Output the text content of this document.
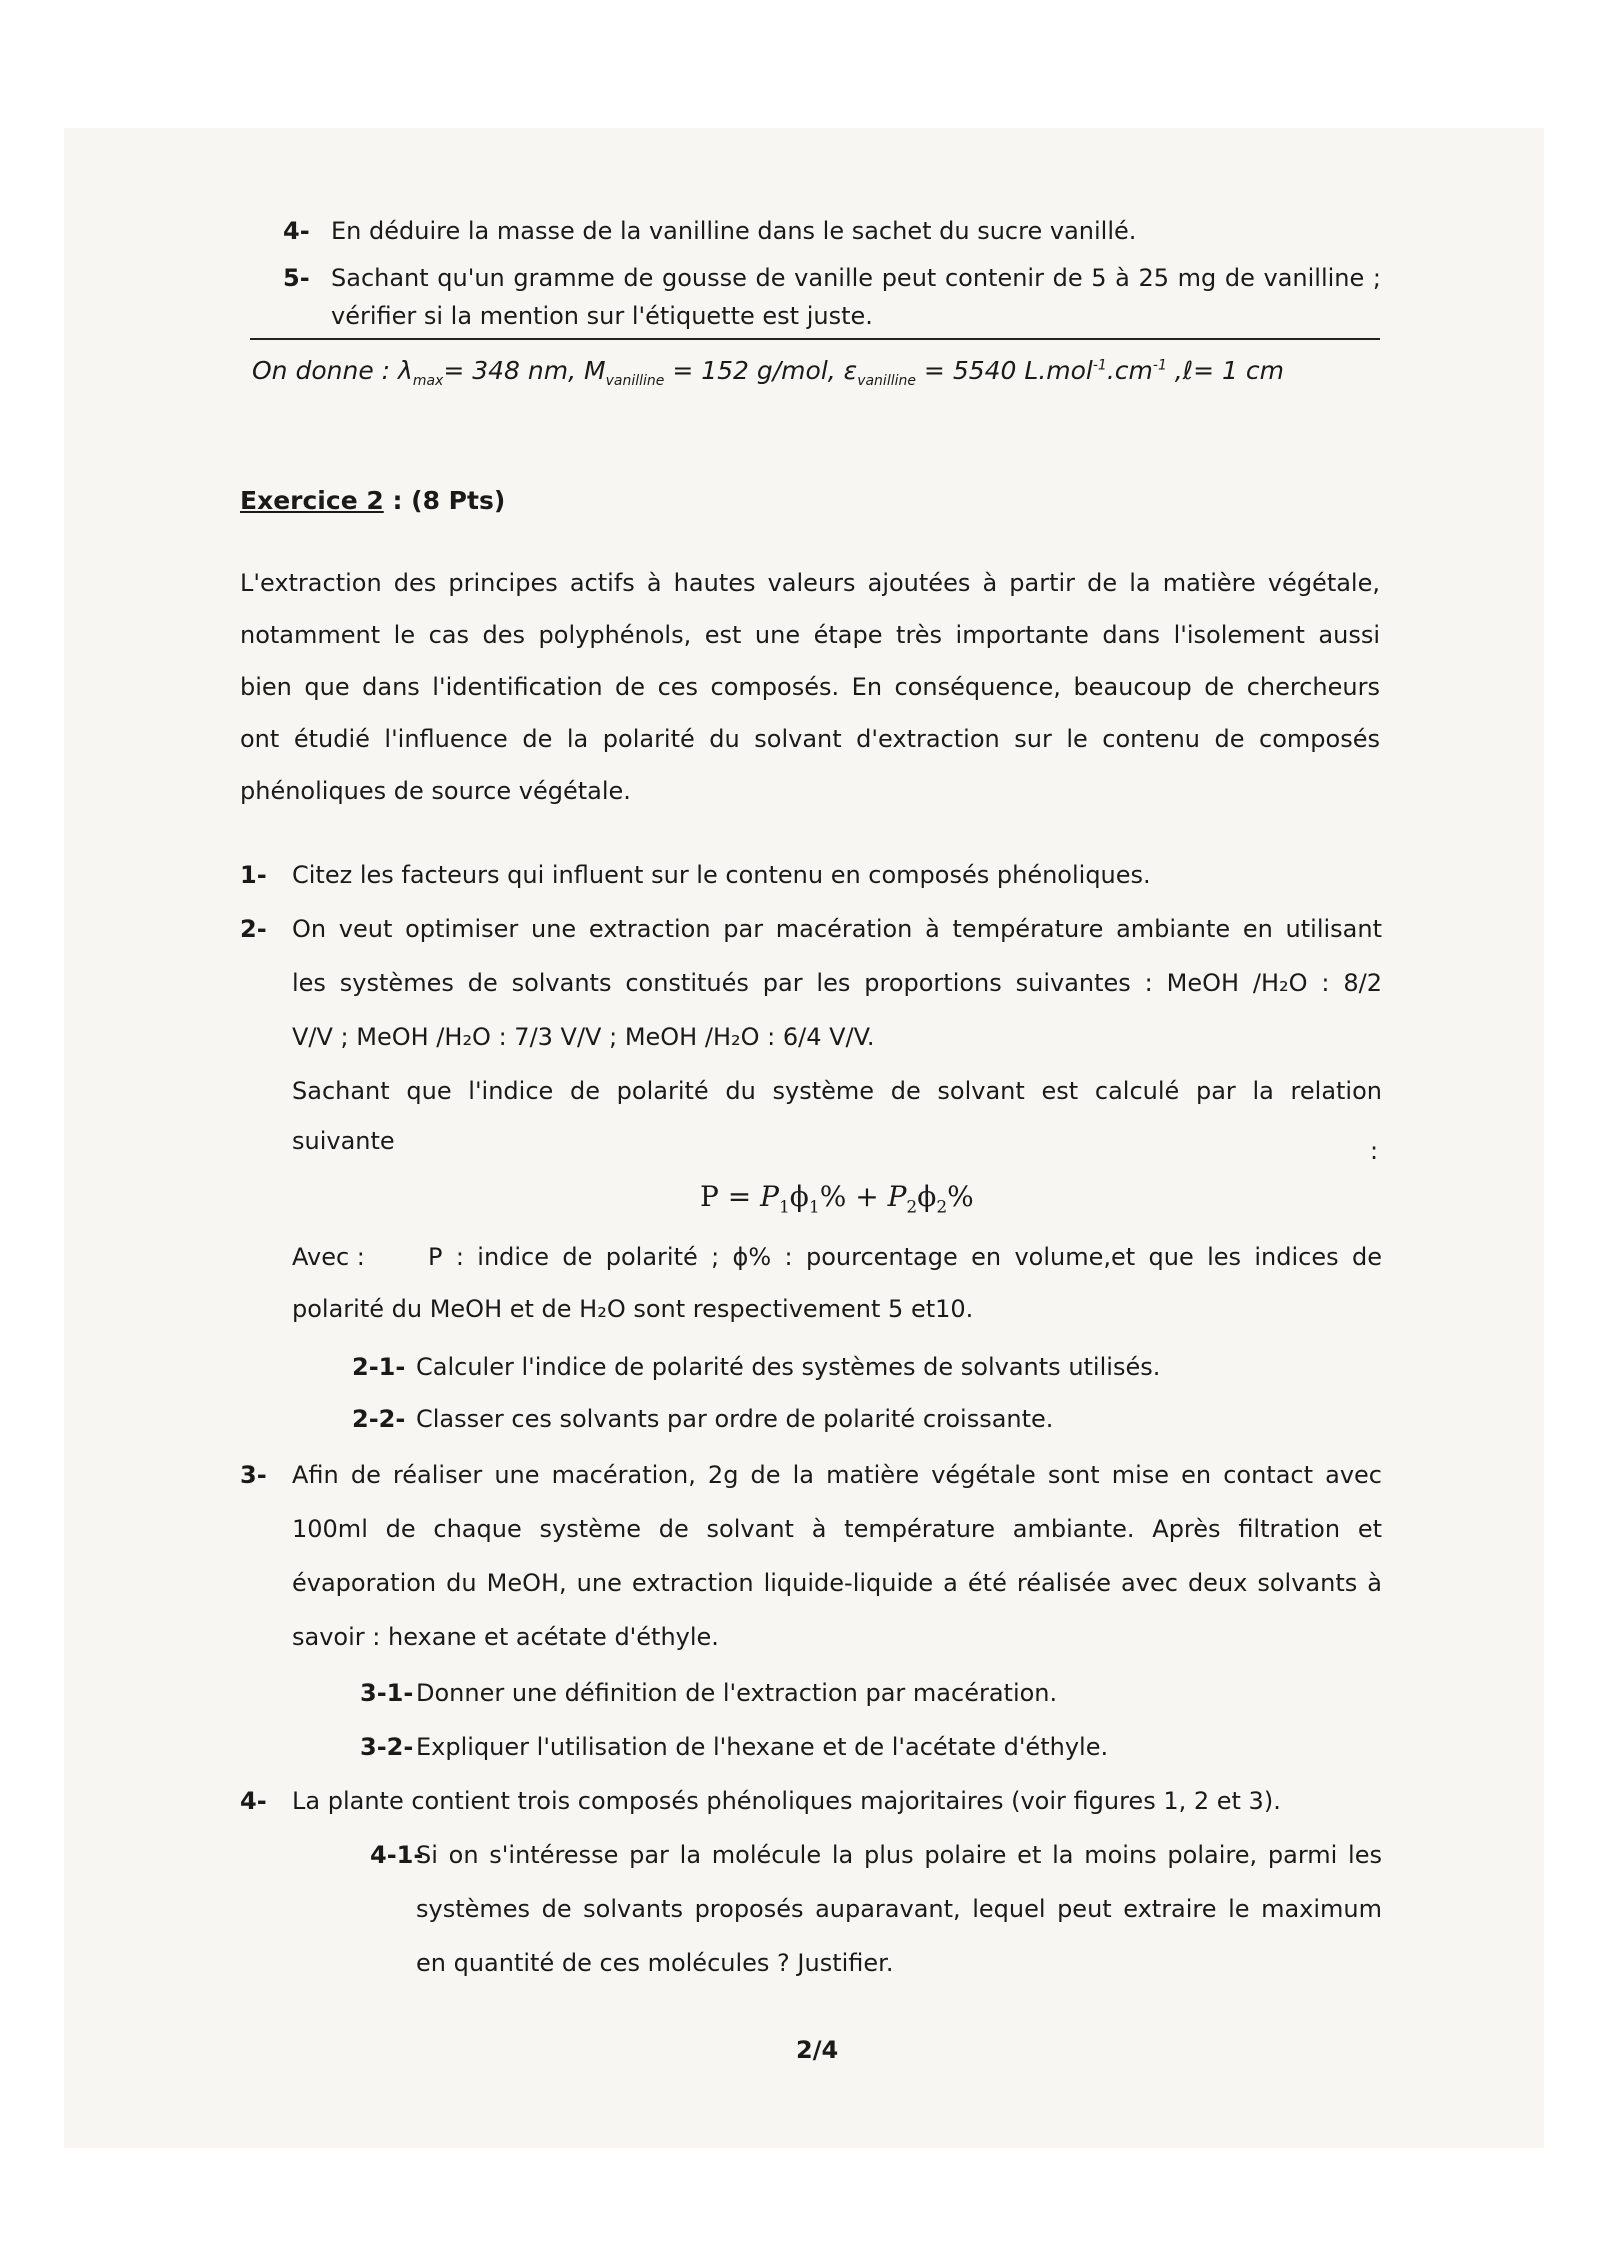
4- En déduire la masse de la vanilline dans le sachet du sucre vanillé.
5- Sachant qu'un gramme de gousse de vanille peut contenir de 5 à 25 mg de vanilline ;
vérifier si la mention sur l'étiquette est juste.
On donne : $\lambda_{max}= 348$ nm, $M_{vanilline} = 152$ g/mol, $\varepsilon_{vanilline} = 5540$ $L.mol^{-1}.cm^{-1}$ ,ℓ= 1 cm
Exercice 2 : (8 Pts)
L'extraction des principes actifs à hautes valeurs ajoutées à partir de la matière végétale,
notamment le cas des polyphénols, est une étape très importante dans l'isolement aussi
bien que dans l'identification de ces composés. En conséquence, beaucoup de chercheurs
ont étudié l'influence de la polarité du solvant d'extraction sur le contenu de composés
phénoliques de source végétale.
1- Citez les facteurs qui influent sur le contenu en composés phénoliques.
2- On veut optimiser une extraction par macération à température ambiante en utilisant
les systèmes de solvants constitués par les proportions suivantes : MeOH /H₂O : 8/2
V/V ; MeOH /H₂O : 7/3 V/V ; MeOH /H₂O : 6/4 V/V.
Sachant que l'indice de polarité du système de solvant est calculé par la relation
suivante	:
$P = P_1\phi_1\% + P_2\phi_2\%$
Avec :	P : indice de polarité ; ϕ% : pourcentage en volume,et que les indices de
polarité du MeOH et de H₂O sont respectivement 5 et10.
2-1- Calculer l'indice de polarité des systèmes de solvants utilisés.
2-2- Classer ces solvants par ordre de polarité croissante.
3- Afin de réaliser une macération, 2g de la matière végétale sont mise en contact avec
100ml de chaque système de solvant à température ambiante. Après filtration et
évaporation du MeOH, une extraction liquide-liquide a été réalisée avec deux solvants à
savoir : hexane et acétate d'éthyle.
3-1- Donner une définition de l'extraction par macération.
3-2- Expliquer l'utilisation de l'hexane et de l'acétate d'éthyle.
4- La plante contient trois composés phénoliques majoritaires (voir figures 1, 2 et 3).
4-1-
Si on s'intéresse par la molécule la plus polaire et la moins polaire, parmi les
systèmes de solvants proposés auparavant, lequel peut extraire le maximum
en quantité de ces molécules ? Justifier.
2/4
